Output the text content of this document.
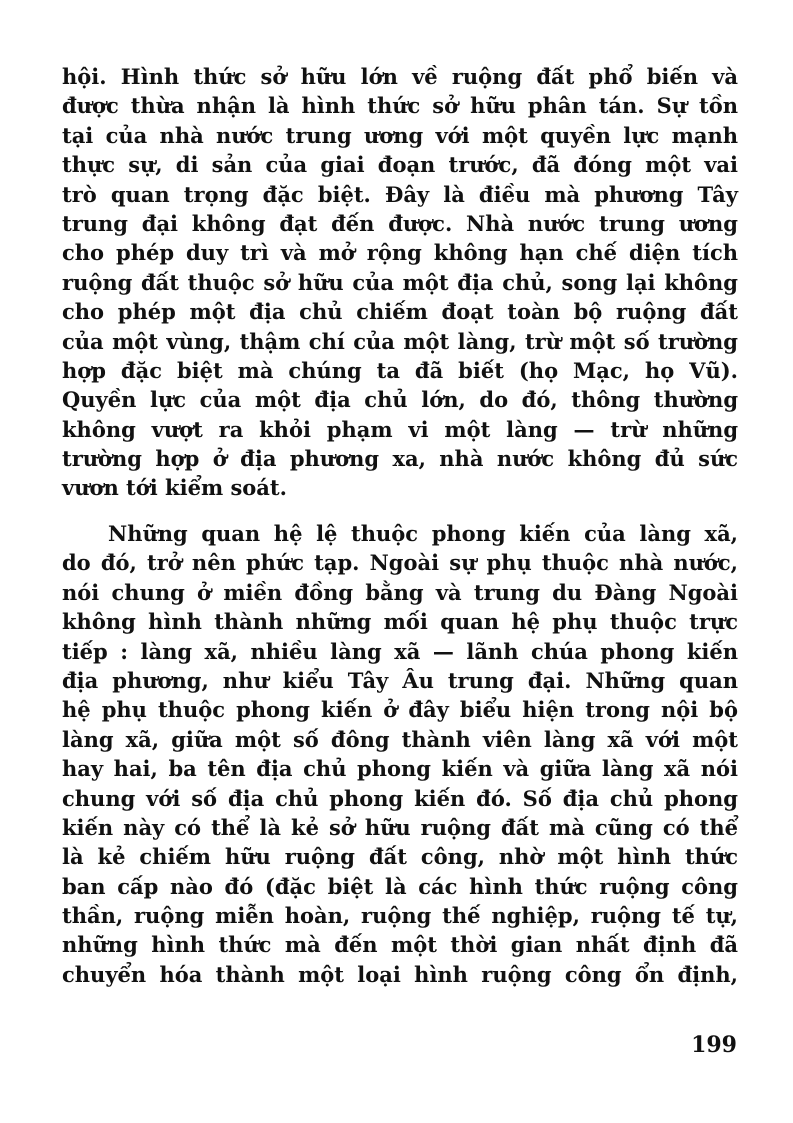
hội. Hình thức sở hữu lớn về ruộng đất phổ biến và
được thừa nhận là hình thức sở hữu phân tán. Sự tồn
tại của nhà nước trung ương với một quyền lực mạnh
thực sự, di sản của giai đoạn trước, đã đóng một vai
trò quan trọng đặc biệt. Đây là điều mà phương Tây
trung đại không đạt đến được. Nhà nước trung ương
cho phép duy trì và mở rộng không hạn chế diện tích
ruộng đất thuộc sở hữu của một địa chủ, song lại không
cho phép một địa chủ chiếm đoạt toàn bộ ruộng đất
của một vùng, thậm chí của một làng, trừ một số trường
hợp đặc biệt mà chúng ta đã biết (họ Mạc, họ Vũ).
Quyền lực của một địa chủ lớn, do đó, thông thường
không vượt ra khỏi phạm vi một làng — trừ những
trường hợp ở địa phương xa, nhà nước không đủ sức
vươn tới kiểm soát.
Những quan hệ lệ thuộc phong kiến của làng xã,
do đó, trở nên phức tạp. Ngoài sự phụ thuộc nhà nước,
nói chung ở miền đồng bằng và trung du Đàng Ngoài
không hình thành những mối quan hệ phụ thuộc trực
tiếp : làng xã, nhiều làng xã — lãnh chúa phong kiến
địa phương, như kiểu Tây Âu trung đại. Những quan
hệ phụ thuộc phong kiến ở đây biểu hiện trong nội bộ
làng xã, giữa một số đông thành viên làng xã với một
hay hai, ba tên địa chủ phong kiến và giữa làng xã nói
chung với số địa chủ phong kiến đó. Số địa chủ phong
kiến này có thể là kẻ sở hữu ruộng đất mà cũng có thể
là kẻ chiếm hữu ruộng đất công, nhờ một hình thức
ban cấp nào đó (đặc biệt là các hình thức ruộng công
thần, ruộng miễn hoàn, ruộng thế nghiệp, ruộng tế tự,
những hình thức mà đến một thời gian nhất định đã
chuyển hóa thành một loại hình ruộng công ổn định,
199
